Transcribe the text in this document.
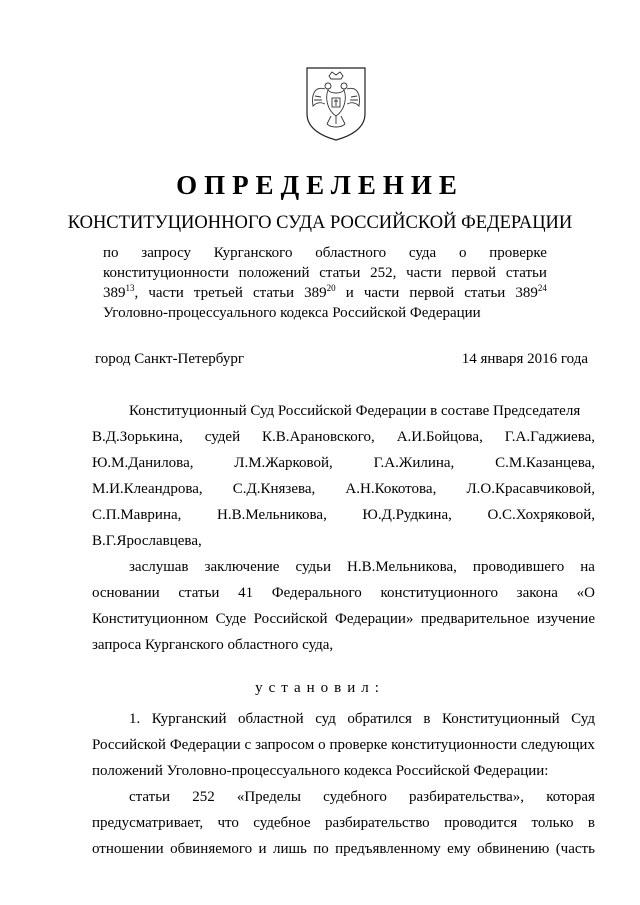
ОПРЕДЕЛЕНИЕ
КОНСТИТУЦИОННОГО СУДА РОССИЙСКОЙ ФЕДЕРАЦИИ
по запросу Курганского областного суда о проверке
конституционности положений статьи 252, части первой статьи
$389^{13}$, части третьей статьи $389^{20}$ и части первой статьи $389^{24}$
Уголовно-процессуального кодекса Российской Федерации
город Санкт-Петербург	14 января 2016 года
Конституционный Суд Российской Федерации в составе Председателя
В.Д.Зорькина, судей К.В.Арановского, А.И.Бойцова, Г.А.Гаджиева,
Ю.М.Данилова,	Л.М.Жарковой,	Г.А.Жилина,	С.М.Казанцева,
М.И.Клеандрова, С.Д.Князева, А.Н.Кокотова, Л.О.Красавчиковой,
С.П.Маврина, Н.В.Мельникова, Ю.Д.Рудкина, О.С.Хохряковой,
В.Г.Ярославцева,
заслушав заключение судьи Н.В.Мельникова, проводившего на
основании статьи 41 Федерального конституционного закона «О
Конституционном Суде Российской Федерации» предварительное изучение
запроса Курганского областного суда,
установил:
1. Курганский областной суд обратился в Конституционный Суд
Российской Федерации с запросом о проверке конституционности следующих
положений Уголовно-процессуального кодекса Российской Федерации:
статьи 252 «Пределы судебного разбирательства», которая
предусматривает, что судебное разбирательство проводится только в
отношении обвиняемого и лишь по предъявленному ему обвинению (часть
